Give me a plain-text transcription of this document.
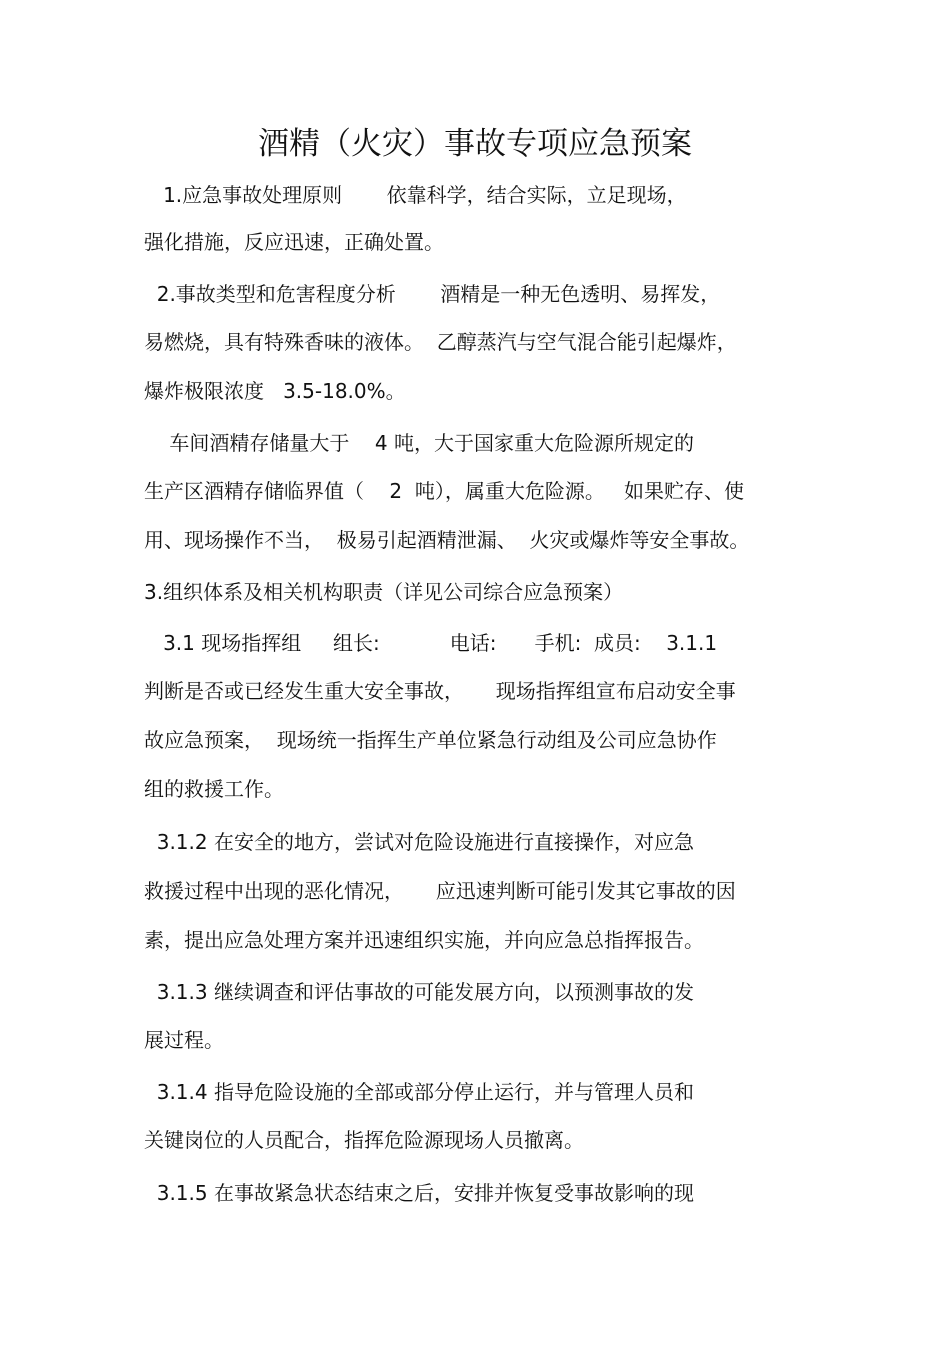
酒精（火灾）事故专项应急预案

1.应急事故处理原则       依靠科学，结合实际，立足现场，

强化措施，反应迅速，正确处置。

2.事故类型和危害程度分析       酒精是一种无色透明、易挥发，

易燃烧，具有特殊香味的液体。  乙醇蒸汽与空气混合能引起爆炸，

爆炸极限浓度   3.5-18.0%。

车间酒精存储量大于    4 吨，大于国家重大危险源所规定的

生产区酒精存储临界值（    2  吨），属重大危险源。   如果贮存、使

用、现场操作不当，  极易引起酒精泄漏、  火灾或爆炸等安全事故。

3.组织体系及相关机构职责（详见公司综合应急预案）

3.1 现场指挥组     组长:           电话:      手机:  成员:    3.1.1

判断是否或已经发生重大安全事故，     现场指挥组宣布启动安全事

故应急预案，  现场统一指挥生产单位紧急行动组及公司应急协作

组的救援工作。

3.1.2 在安全的地方，尝试对危险设施进行直接操作，对应急

救援过程中出现的恶化情况，     应迅速判断可能引发其它事故的因

素，提出应急处理方案并迅速组织实施，并向应急总指挥报告。

3.1.3 继续调查和评估事故的可能发展方向，以预测事故的发

展过程。

3.1.4 指导危险设施的全部或部分停止运行，并与管理人员和

关键岗位的人员配合，指挥危险源现场人员撤离。

3.1.5 在事故紧急状态结束之后，安排并恢复受事故影响的现
